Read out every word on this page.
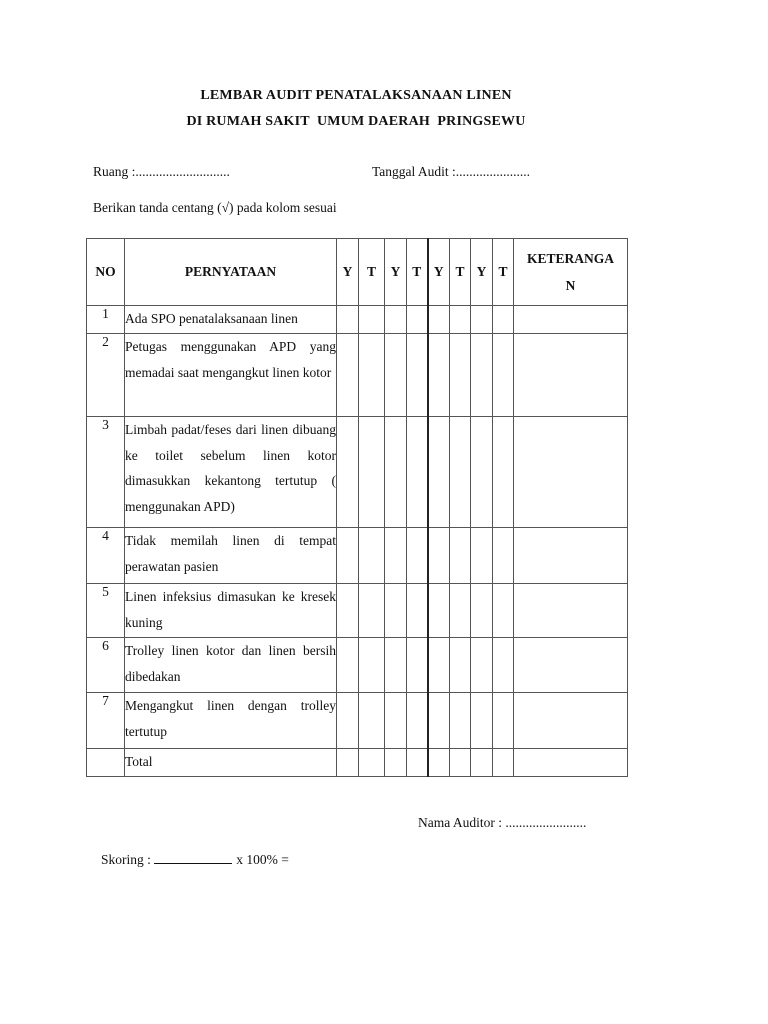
LEMBAR AUDIT PENATALAKSANAAN LINEN
DI RUMAH SAKIT  UMUM DAERAH  PRINGSEWU
Ruang :............................	Tanggal Audit :......................
Berikan tanda centang (√) pada kolom sesuai
NO	PERNYATAAN	Y	T	Y	T	Y	T	Y	T	KETERANGA
N
1	Ada SPO penatalaksanaan linen									
2	Petugas menggunakan APD yang memadai saat mengangkut linen kotor									
3	Limbah padat/feses dari linen dibuang ke toilet sebelum linen kotor dimasukkan kekantong tertutup ( menggunakan APD)									
4	Tidak memilah linen di tempat perawatan pasien									
5	Linen infeksius dimasukan ke kresek kuning									
6	Trolley linen kotor dan linen bersih dibedakan									
7	Mengangkut linen dengan trolley tertutup									
	Total									
Nama Auditor : ........................
Skoring :	x 100% =
